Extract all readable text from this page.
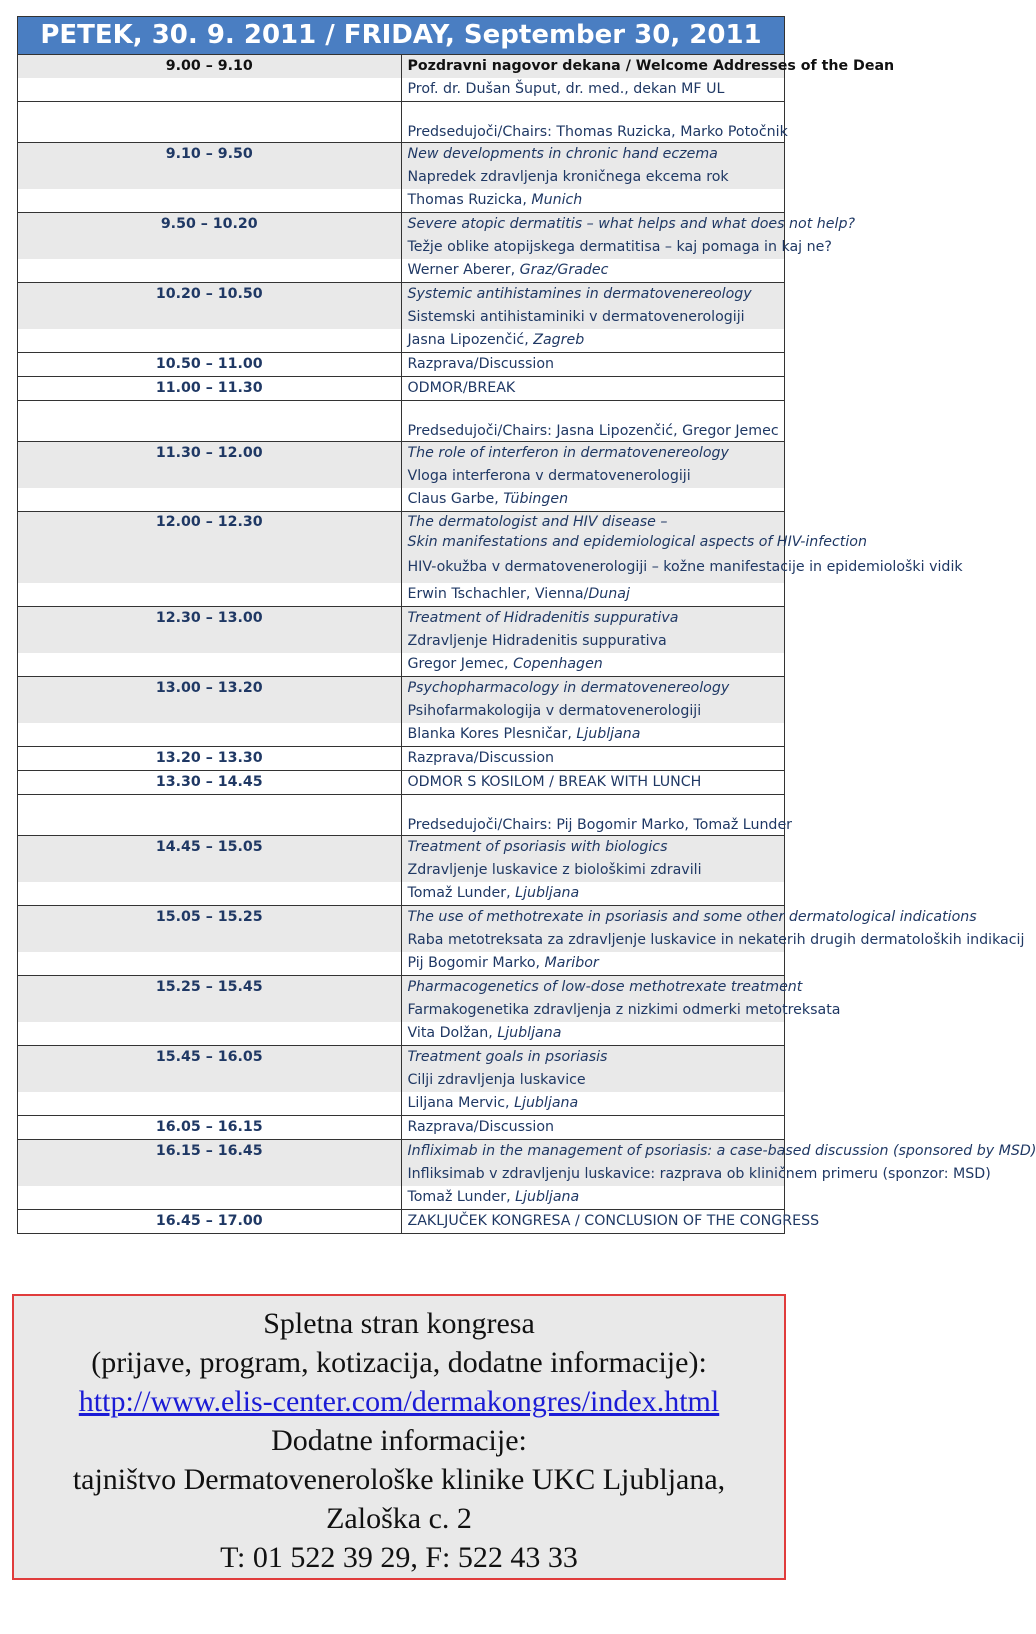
PETEK, 30. 9. 2011 / FRIDAY, September 30, 2011	
9.00 – 9.10	Pozdravni nagovor dekana / Welcome Addresses of the Dean
	Prof. dr. Dušan Šuput, dr. med., dekan MF UL
	Predsedujoči/Chairs: Thomas Ruzicka, Marko Potočnik
9.10 – 9.50	New developments in chronic hand eczema
	Napredek zdravljenja kroničnega ekcema rok
	Thomas Ruzicka, Munich
9.50 – 10.20	Severe atopic dermatitis – what helps and what does not help?
	Težje oblike atopijskega dermatitisa – kaj pomaga in kaj ne?
	Werner Aberer, Graz/Gradec
10.20 – 10.50	Systemic antihistamines in dermatovenereology
	Sistemski antihistaminiki v dermatovenerologiji
	Jasna Lipozenčić, Zagreb
10.50 – 11.00	Razprava/Discussion
11.00 – 11.30	ODMOR/BREAK
	Predsedujoči/Chairs: Jasna Lipozenčić, Gregor Jemec
11.30 – 12.00	The role of interferon in dermatovenereology
	Vloga interferona v dermatovenerologiji
	Claus Garbe, Tübingen
12.00 – 12.30	The dermatologist and HIV disease –
	Skin manifestations and epidemiological aspects of HIV-infection
	HIV-okužba v dermatovenerologiji – kožne manifestacije in epidemiološki vidik
	Erwin Tschachler, Vienna/Dunaj
12.30 – 13.00	Treatment of Hidradenitis suppurativa
	Zdravljenje Hidradenitis suppurativa
	Gregor Jemec, Copenhagen
13.00 – 13.20	Psychopharmacology in dermatovenereology
	Psihofarmakologija v dermatovenerologiji
	Blanka Kores Plesničar, Ljubljana
13.20 – 13.30	Razprava/Discussion
13.30 – 14.45	ODMOR S KOSILOM / BREAK WITH LUNCH
	Predsedujoči/Chairs: Pij Bogomir Marko, Tomaž Lunder
14.45 – 15.05	Treatment of psoriasis with biologics
	Zdravljenje luskavice z biološkimi zdravili
	Tomaž Lunder, Ljubljana
15.05 – 15.25	The use of methotrexate in psoriasis and some other dermatological indications
	Raba metotreksata za zdravljenje luskavice in nekaterih drugih dermatoloških indikacij
	Pij Bogomir Marko, Maribor
15.25 – 15.45	Pharmacogenetics of low-dose methotrexate treatment
	Farmakogenetika zdravljenja z nizkimi odmerki metotreksata
	Vita Dolžan, Ljubljana
15.45 – 16.05	Treatment goals in psoriasis
	Cilji zdravljenja luskavice
	Liljana Mervic, Ljubljana
16.05 – 16.15	Razprava/Discussion
16.15 – 16.45	Infliximab in the management of psoriasis: a case-based discussion (sponsored by MSD)
	Infliksimab v zdravljenju luskavice: razprava ob kliničnem primeru (sponzor: MSD)
	Tomaž Lunder, Ljubljana
16.45 – 17.00	ZAKLJUČEK KONGRESA / CONCLUSION OF THE CONGRESS
Spletna stran kongresa
(prijave, program, kotizacija, dodatne informacije):
http://www.elis-center.com/dermakongres/index.html
Dodatne informacije:
tajništvo Dermatovenerološke klinike UKC Ljubljana,
Zaloška c. 2
T: 01 522 39 29, F: 522 43 33
